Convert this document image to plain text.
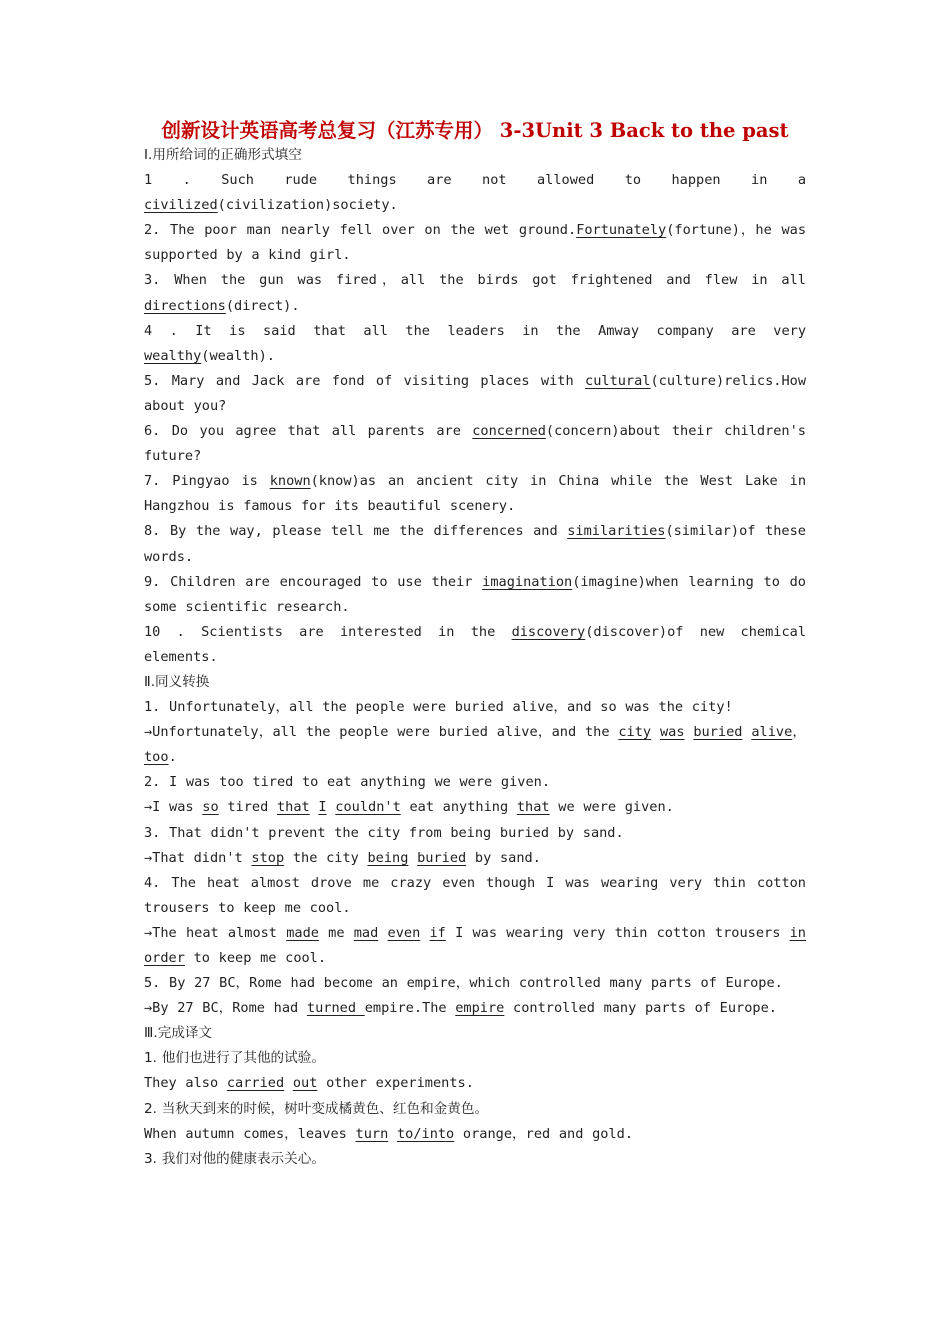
创新设计英语高考总复习（江苏专用） 3-3Unit 3 Back to the past
Ⅰ.用所给词的正确形式填空

1 . Such rude things are not allowed to happen in a civilized(civilization)society.

2. The poor man nearly fell over on the wet ground.Fortunately(fortune)，he was supported by a kind girl.

3. When the gun was fired，all the birds got frightened and flew in all directions(direct).

4 . It is said that all the leaders in the Amway company are very wealthy(wealth).

5. Mary and Jack are fond of visiting places with cultural(culture)relics.How about you?

6. Do you agree that all parents are concerned(concern)about their children's future?

7. Pingyao is known(know)as an ancient city in China while the West Lake in Hangzhou is famous for its beautiful scenery.

8. By the way, please tell me the differences and similarities(similar)of these words.

9. Children are encouraged to use their imagination(imagine)when learning to do some scientific research.

10 . Scientists are interested in the discovery(discover)of new chemical elements.

Ⅱ.同义转换

1. Unfortunately，all the people were buried alive，and so was the city!

→Unfortunately，all the people were buried alive，and the city was buried alive，too.

2. I was too tired to eat anything we were given.

→I was so tired that I couldn't eat anything that we were given.

3. That didn't prevent the city from being buried by sand.

→That didn't stop the city being buried by sand.

4. The heat almost drove me crazy even though I was wearing very thin cotton trousers to keep me cool.

→The heat almost made me mad even if I was wearing very thin cotton trousers in order to keep me cool.

5. By 27 BC，Rome had become an empire，which controlled many parts of Europe.

→By 27 BC，Rome had turned empire.The empire controlled many parts of Europe.

Ⅲ.完成译文

1. 他们也进行了其他的试验。

They also carried out other experiments.

2. 当秋天到来的时候，树叶变成橘黄色、红色和金黄色。

When autumn comes，leaves turn to/into orange，red and gold.

3. 我们对他的健康表示关心。
